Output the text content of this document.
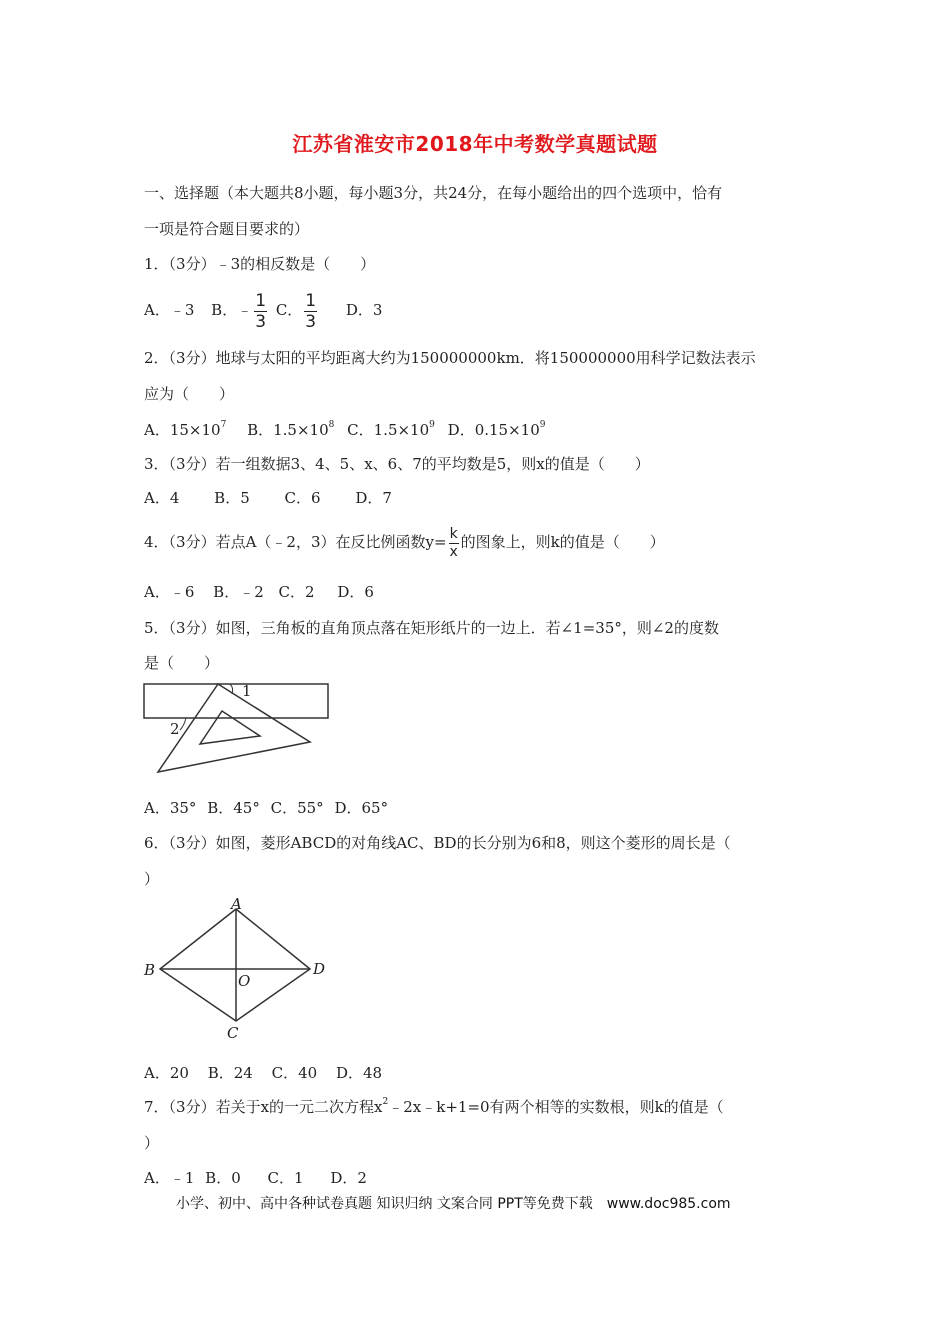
江苏省淮安市2018年中考数学真题试题
一、选择题（本大题共8小题，每小题3分，共24分，在每小题给出的四个选项中，恰有
一项是符合题目要求的）
1．（3分）﹣3的相反数是（　　）
A．﹣3 B．﹣ $\frac{1}{3}$ C． $\frac{1}{3}$ D．3
2．（3分）地球与太阳的平均距离大约为150000000km．将150000000用科学记数法表示
应为（　　）
A．$15\times 10^7$ B．$1.5\times 10^8$ C．$1.5\times 10^9$ D．$0.15\times 10^9$
3．（3分）若一组数据3、4、5、x、6、7的平均数是5，则x的值是（　　）
A．4 B．5 C．6 D．7
4．（3分）若点A（﹣2，3）在反比例函数$y= \frac{k}{x}$ 的图象上，则k的值是（　　）
A．﹣6 B．﹣2 C．2 D．6
5．（3分）如图，三角板的直角顶点落在矩形纸片的一边上．若∠1=35°，则∠2的度数
是（　　）
1
2
A．35° B．45° C．55° D．65°
6．（3分）如图，菱形ABCD的对角线AC、BD的长分别为6和8，则这个菱形的周长是（
）
A
B
C
D
O
A．20 B．24 C．40 D．48
7．（3分）若关于x的一元二次方程$x^2﹣2x﹣k+1=0$有两个相等的实数根，则k的值是（
）
A．﹣1 B．0 C．1 D．2
小学、初中、高中各种试卷真题 知识归纳 文案合同 PPT等免费下载　www.doc985.com
